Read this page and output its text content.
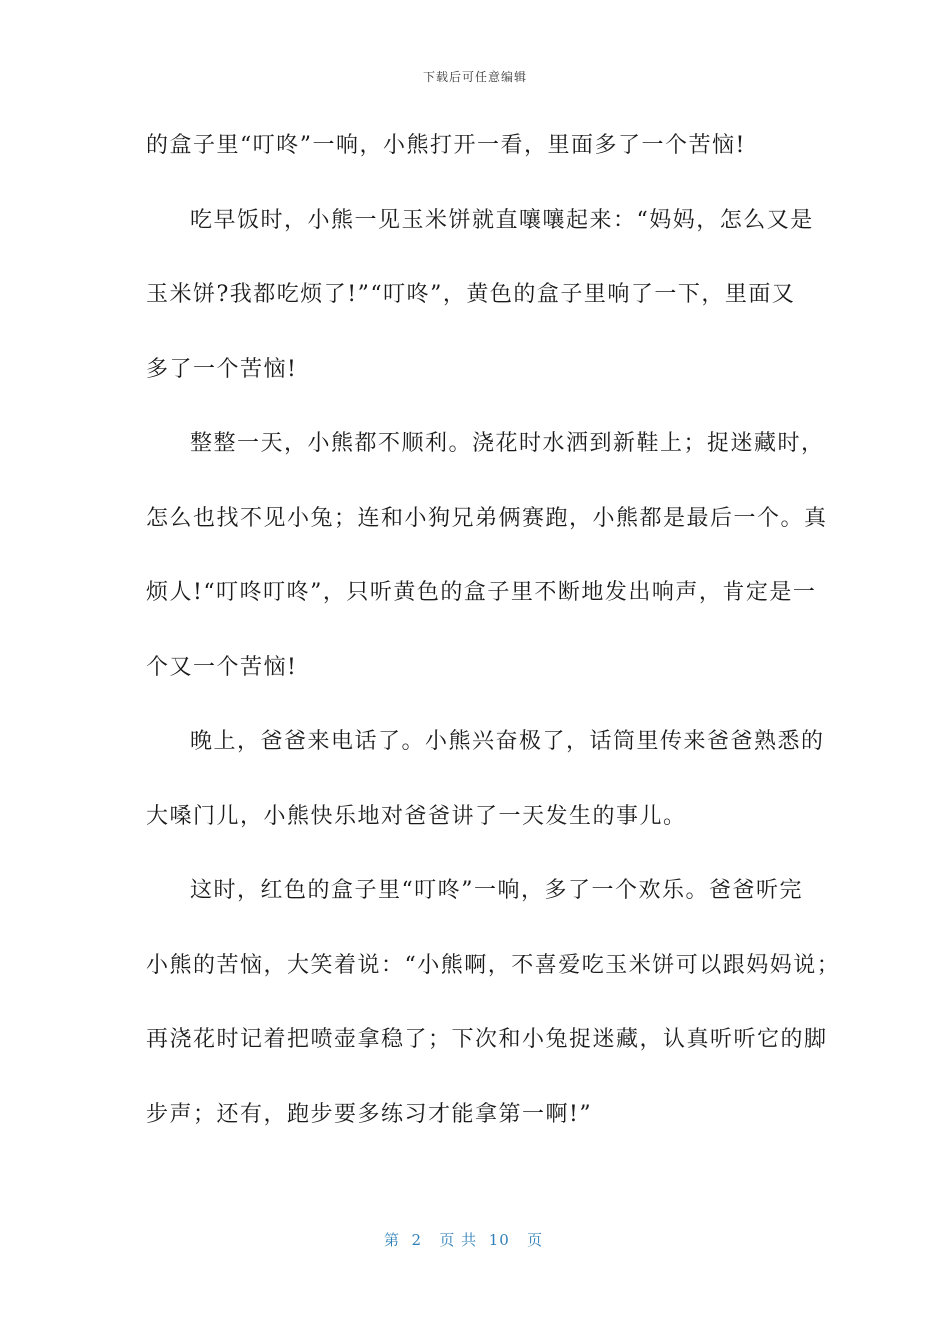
下载后可任意编辑
的盒子里“叮咚”一响，小熊打开一看，里面多了一个苦恼!
吃早饭时，小熊一见玉米饼就直嚷嚷起来：“妈妈，怎么又是
玉米饼?我都吃烦了!”“叮咚”，黄色的盒子里响了一下，里面又
多了一个苦恼!
整整一天，小熊都不顺利。浇花时水洒到新鞋上；捉迷藏时，
怎么也找不见小兔；连和小狗兄弟俩赛跑，小熊都是最后一个。真
烦人!“叮咚叮咚”，只听黄色的盒子里不断地发出响声，肯定是一
个又一个苦恼!
晚上，爸爸来电话了。小熊兴奋极了，话筒里传来爸爸熟悉的
大嗓门儿，小熊快乐地对爸爸讲了一天发生的事儿。
这时，红色的盒子里“叮咚”一响，多了一个欢乐。爸爸听完
小熊的苦恼，大笑着说：“小熊啊，不喜爱吃玉米饼可以跟妈妈说；
再浇花时记着把喷壶拿稳了；下次和小兔捉迷藏，认真听听它的脚
步声；还有，跑步要多练习才能拿第一啊!”
第  2   页 共  10   页
